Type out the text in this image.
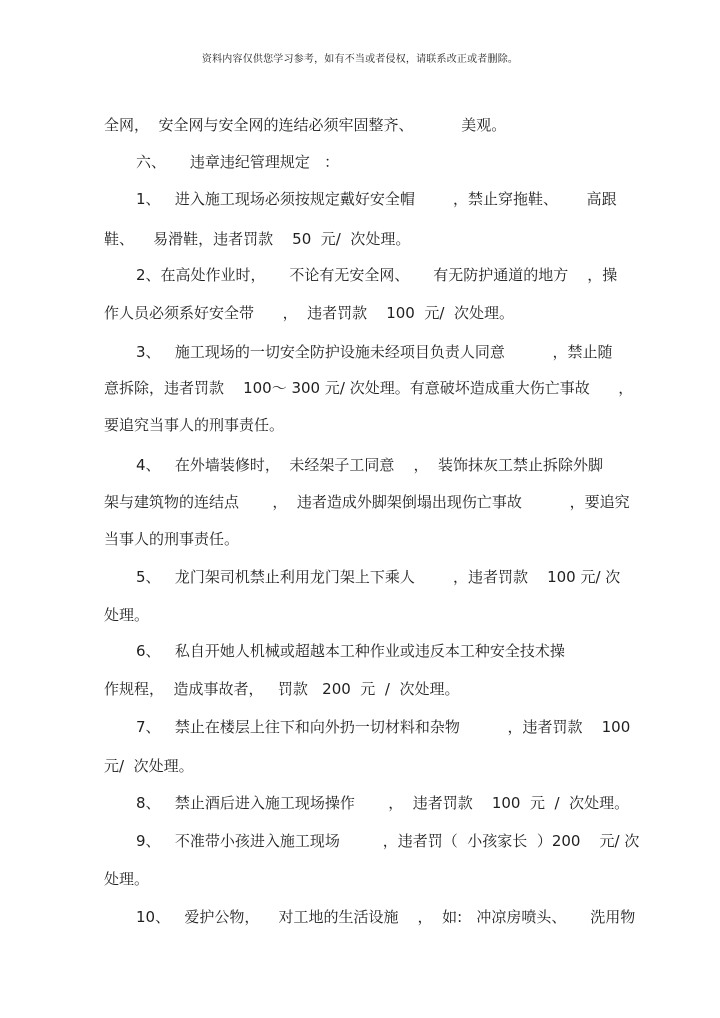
资料内容仅供您学习参考，如有不当或者侵权，请联系改正或者删除。
全网，  安全网与安全网的连结必须牢固整齐、          美观。
六、     违章违纪管理规定   ：
1、   进入施工现场必须按规定戴好安全帽        ，禁止穿拖鞋、      高跟
鞋、    易滑鞋，违者罚款    50  元/  次处理。
2、在高处作业时，     不论有无安全网、     有无防护通道的地方    ，操
作人员必须系好安全带      ，  违者罚款    100  元/  次处理。
3、   施工现场的一切安全防护设施未经项目负责人同意          ，禁止随
意拆除，违者罚款    100～ 300 元/ 次处理。有意破坏造成重大伤亡事故      ，
要追究当事人的刑事责任。
4、   在外墙装修时，  未经架子工同意    ，  装饰抹灰工禁止拆除外脚
架与建筑物的连结点       ，  违者造成外脚架倒塌出现伤亡事故          ，要追究
当事人的刑事责任。
5、   龙门架司机禁止利用龙门架上下乘人        ，违者罚款    100 元/ 次
处理。
6、   私自开她人机械或超越本工种作业或违反本工种安全技术操
作规程，  造成事故者，   罚款   200  元  /  次处理。
7、   禁止在楼层上往下和向外扔一切材料和杂物          ，违者罚款    100
元/  次处理。
8、   禁止酒后进入施工现场操作       ，  违者罚款    100  元  /  次处理。
9、   不准带小孩进入施工现场         ，违者罚（  小孩家长  ）200    元/ 次
处理。
10、   爱护公物，    对工地的生活设施    ，  如:   冲凉房喷头、     洗用物
